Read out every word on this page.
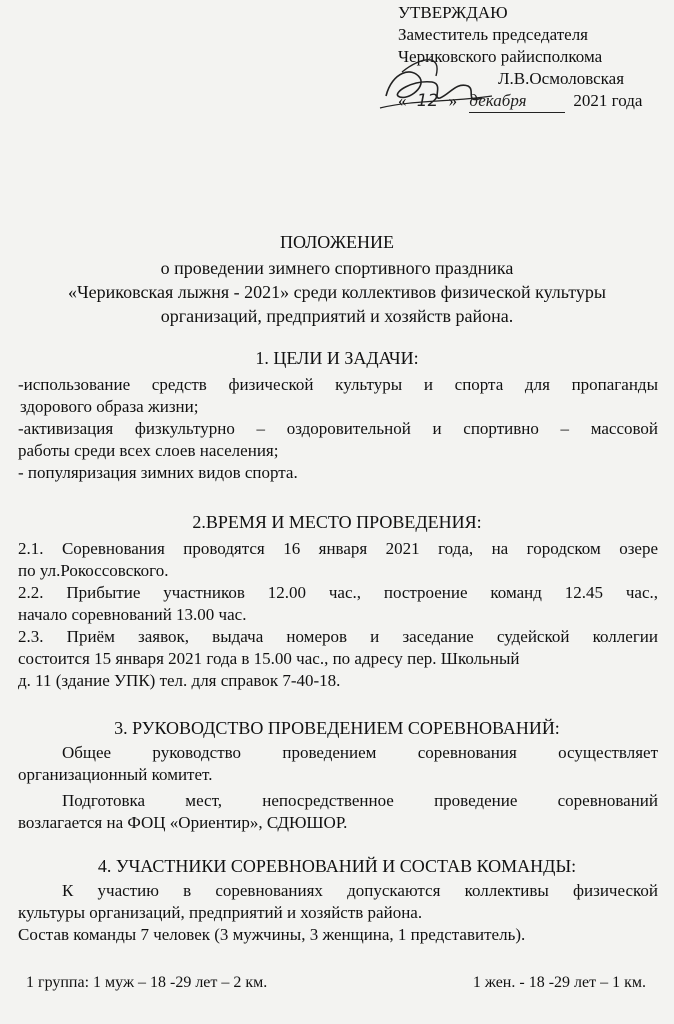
УТВЕРЖДАЮ
Заместитель председателя
Чериковского райисполкома
Л.В.Осмоловская
« 12 » декабря	2021 года
ПОЛОЖЕНИЕ
о проведении зимнего спортивного праздника
«Чериковская лыжня - 2021» среди коллективов физической культуры
организаций, предприятий и хозяйств района.
1. ЦЕЛИ И ЗАДАЧИ:
-использование средств физической культуры и спорта для пропаганды
здорового образа жизни;
-активизация физкультурно – оздоровительной и спортивно – массовой
работы среди всех слоев населения;
- популяризация зимних видов спорта.
2.ВРЕМЯ И МЕСТО ПРОВЕДЕНИЯ:
2.1. Соревнования проводятся 16 января 2021 года, на городском озере
по ул.Рокоссовского.
2.2. Прибытие участников 12.00 час., построение команд 12.45 час.,
начало соревнований 13.00 час.
2.3. Приём заявок, выдача номеров и заседание судейской коллегии
состоится 15 января 2021 года в 15.00 час., по адресу пер. Школьный
д. 11 (здание УПК) тел. для справок 7-40-18.
3. РУКОВОДСТВО ПРОВЕДЕНИЕМ СОРЕВНОВАНИЙ:
Общее руководство проведением соревнования осуществляет
организационный комитет.
Подготовка мест, непосредственное проведение соревнований
возлагается на ФОЦ «Ориентир», СДЮШОР.
4. УЧАСТНИКИ СОРЕВНОВАНИЙ И СОСТАВ КОМАНДЫ:
К участию в соревнованиях допускаются коллективы физической
культуры организаций, предприятий и хозяйств района.
Состав команды 7 человек (3 мужчины, 3 женщина, 1 представитель).
1 группа: 1 муж – 18 -29 лет – 2 км.	1 жен. - 18 -29 лет – 1 км.
